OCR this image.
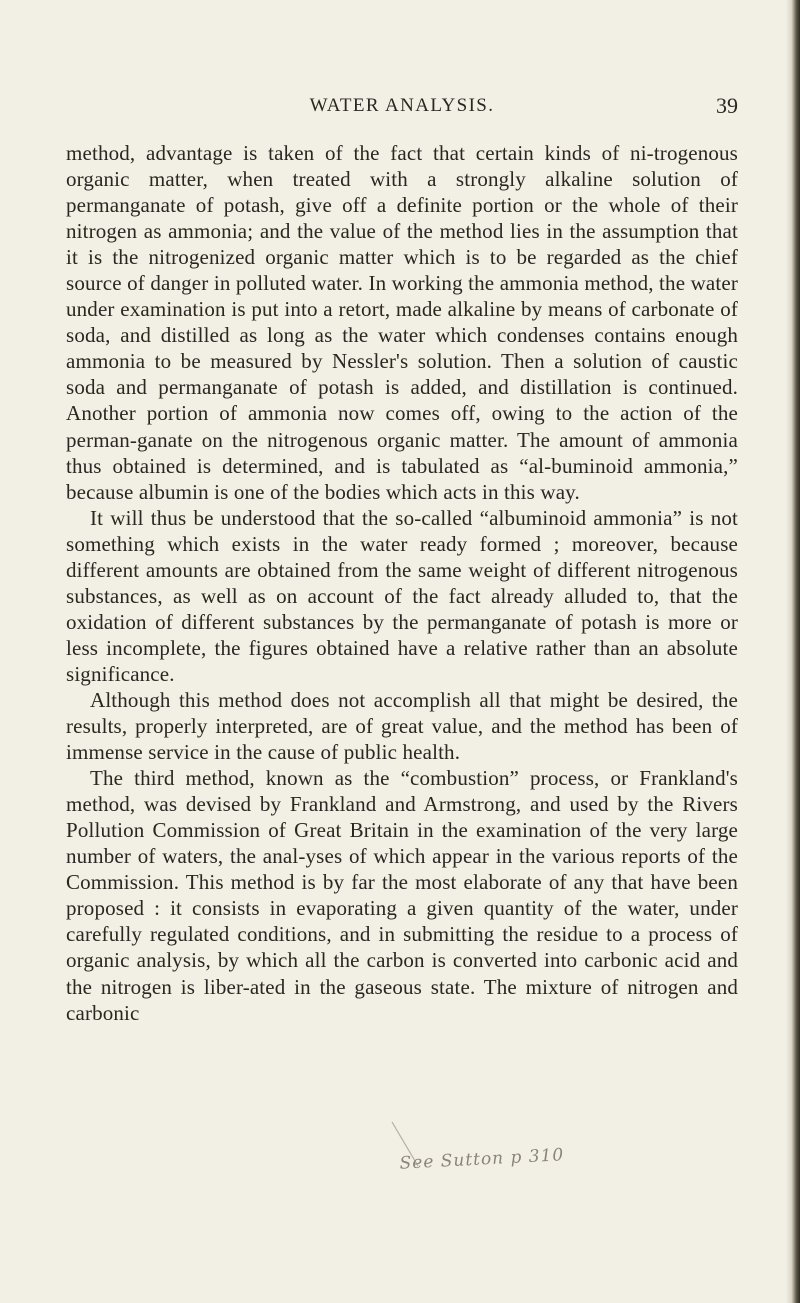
WATER ANALYSIS.	39

method, advantage is taken of the fact that certain kinds of ni-trogenous organic matter, when treated with a strongly alkaline solution of permanganate of potash, give off a definite portion or the whole of their nitrogen as ammonia; and the value of the method lies in the assumption that it is the nitrogenized organic matter which is to be regarded as the chief source of danger in polluted water. In working the ammonia method, the water under examination is put into a retort, made alkaline by means of carbonate of soda, and distilled as long as the water which condenses contains enough ammonia to be measured by Nessler's solution. Then a solution of caustic soda and permanganate of potash is added, and distillation is continued. Another portion of ammonia now comes off, owing to the action of the perman-ganate on the nitrogenous organic matter. The amount of ammonia thus obtained is determined, and is tabulated as “al-buminoid ammonia,” because albumin is one of the bodies which acts in this way.

It will thus be understood that the so-called “albuminoid ammonia” is not something which exists in the water ready formed ; moreover, because different amounts are obtained from the same weight of different nitrogenous substances, as well as on account of the fact already alluded to, that the oxidation of different substances by the permanganate of potash is more or less incomplete, the figures obtained have a relative rather than an absolute significance.

Although this method does not accomplish all that might be desired, the results, properly interpreted, are of great value, and the method has been of immense service in the cause of public health.

The third method, known as the “combustion” process, or Frankland's method, was devised by Frankland and Armstrong, and used by the Rivers Pollution Commission of Great Britain in the examination of the very large number of waters, the anal-yses of which appear in the various reports of the Commission. This method is by far the most elaborate of any that have been proposed : it consists in evaporating a given quantity of the water, under carefully regulated conditions, and in submitting the residue to a process of organic analysis, by which all the carbon is converted into carbonic acid and the nitrogen is liber-ated in the gaseous state. The mixture of nitrogen and carbonic

See Sutton p 310
